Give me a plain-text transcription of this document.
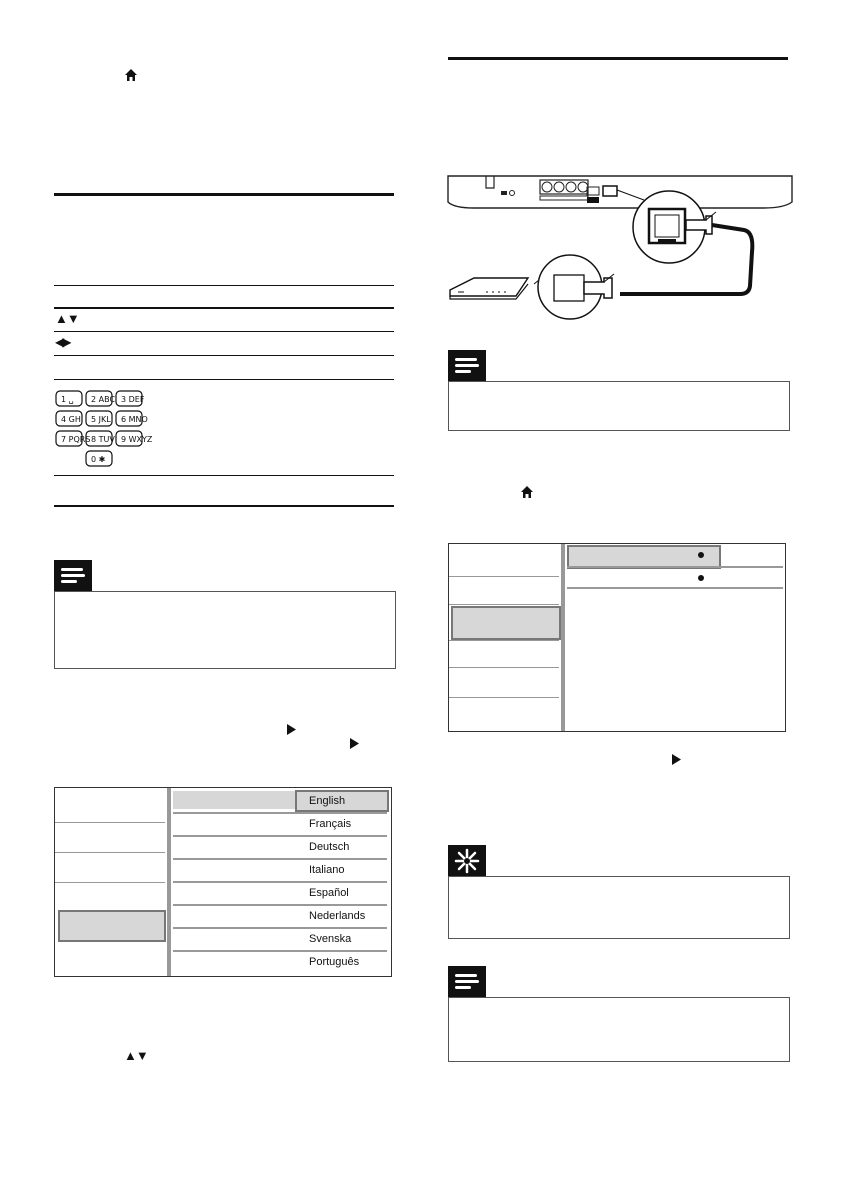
▲▼
◀▶
1 ␣ 2 ABC 3 DEF
4 GHI 5 JKL 6 MNO
7 PQRS 8 TUV 9 WXYZ
0 ✱
English
Français
Deutsch
Italiano
Español
Nederlands
Svenska
Português
▲▼
